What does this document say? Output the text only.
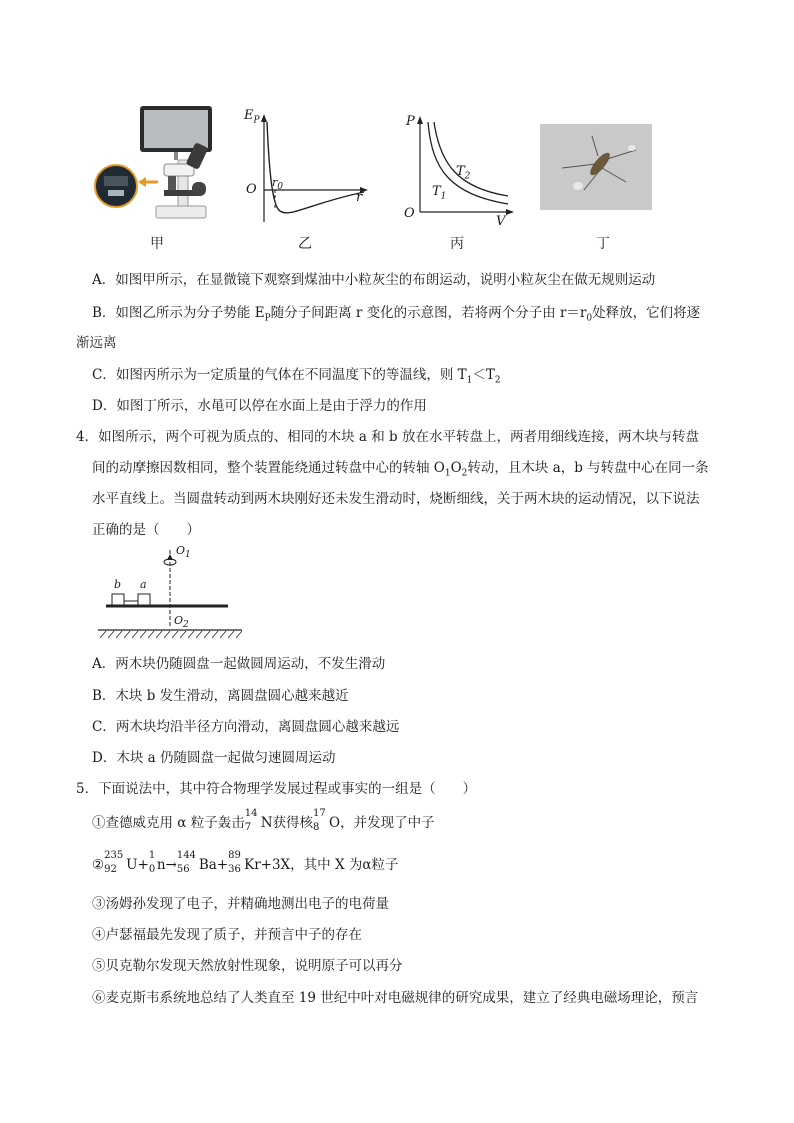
甲
$E_P$
O $r_0$
r
乙
P
O
V
$T_1$
$T_2$
丙	丁
A．如图甲所示，在显微镜下观察到煤油中小粒灰尘的布朗运动，说明小粒灰尘在做无规则运动
B．如图乙所示为分子势能 $E_P$随分子间距离 r 变化的示意图，若将两个分子由 $r=r_0$处释放，它们将逐
渐远离
C．如图丙所示为一定质量的气体在不同温度下的等温线，则 $T_1<T_2$
D．如图丁所示，水黾可以停在水面上是由于浮力的作用
4．如图所示，两个可视为质点的、相同的木块 a 和 b 放在水平转盘上，两者用细线连接，两木块与转盘
间的动摩擦因数相同，整个装置能绕通过转盘中心的转轴 $O_1O_2$转动，且木块 a，b 与转盘中心在同一条
水平直线上。当圆盘转动到两木块刚好还未发生滑动时，烧断细线，关于两木块的运动情况，以下说法
正确的是（　　）
b a
$O_1$
$O_2$
A．两木块仍随圆盘一起做圆周运动，不发生滑动
B．木块 b 发生滑动，离圆盘圆心越来越近
C．两木块均沿半径方向滑动，离圆盘圆心越来越远
D．木块 a 仍随圆盘一起做匀速圆周运动
5．下面说法中，其中符合物理学发展过程或事实的一组是（　　）
①查德威克用 α 粒子轰击
14
7 N获得核
17
8 O，并发现了中子
②
235
92 U+
1
0 n→
144
56 Ba+
89
36 Kr+3X，其中 X 为α粒子
③汤姆孙发现了电子，并精确地测出电子的电荷量
④卢瑟福最先发现了质子，并预言中子的存在
⑤贝克勒尔发现天然放射性现象，说明原子可以再分
⑥麦克斯韦系统地总结了人类直至 19 世纪中叶对电磁规律的研究成果，建立了经典电磁场理论，预言
